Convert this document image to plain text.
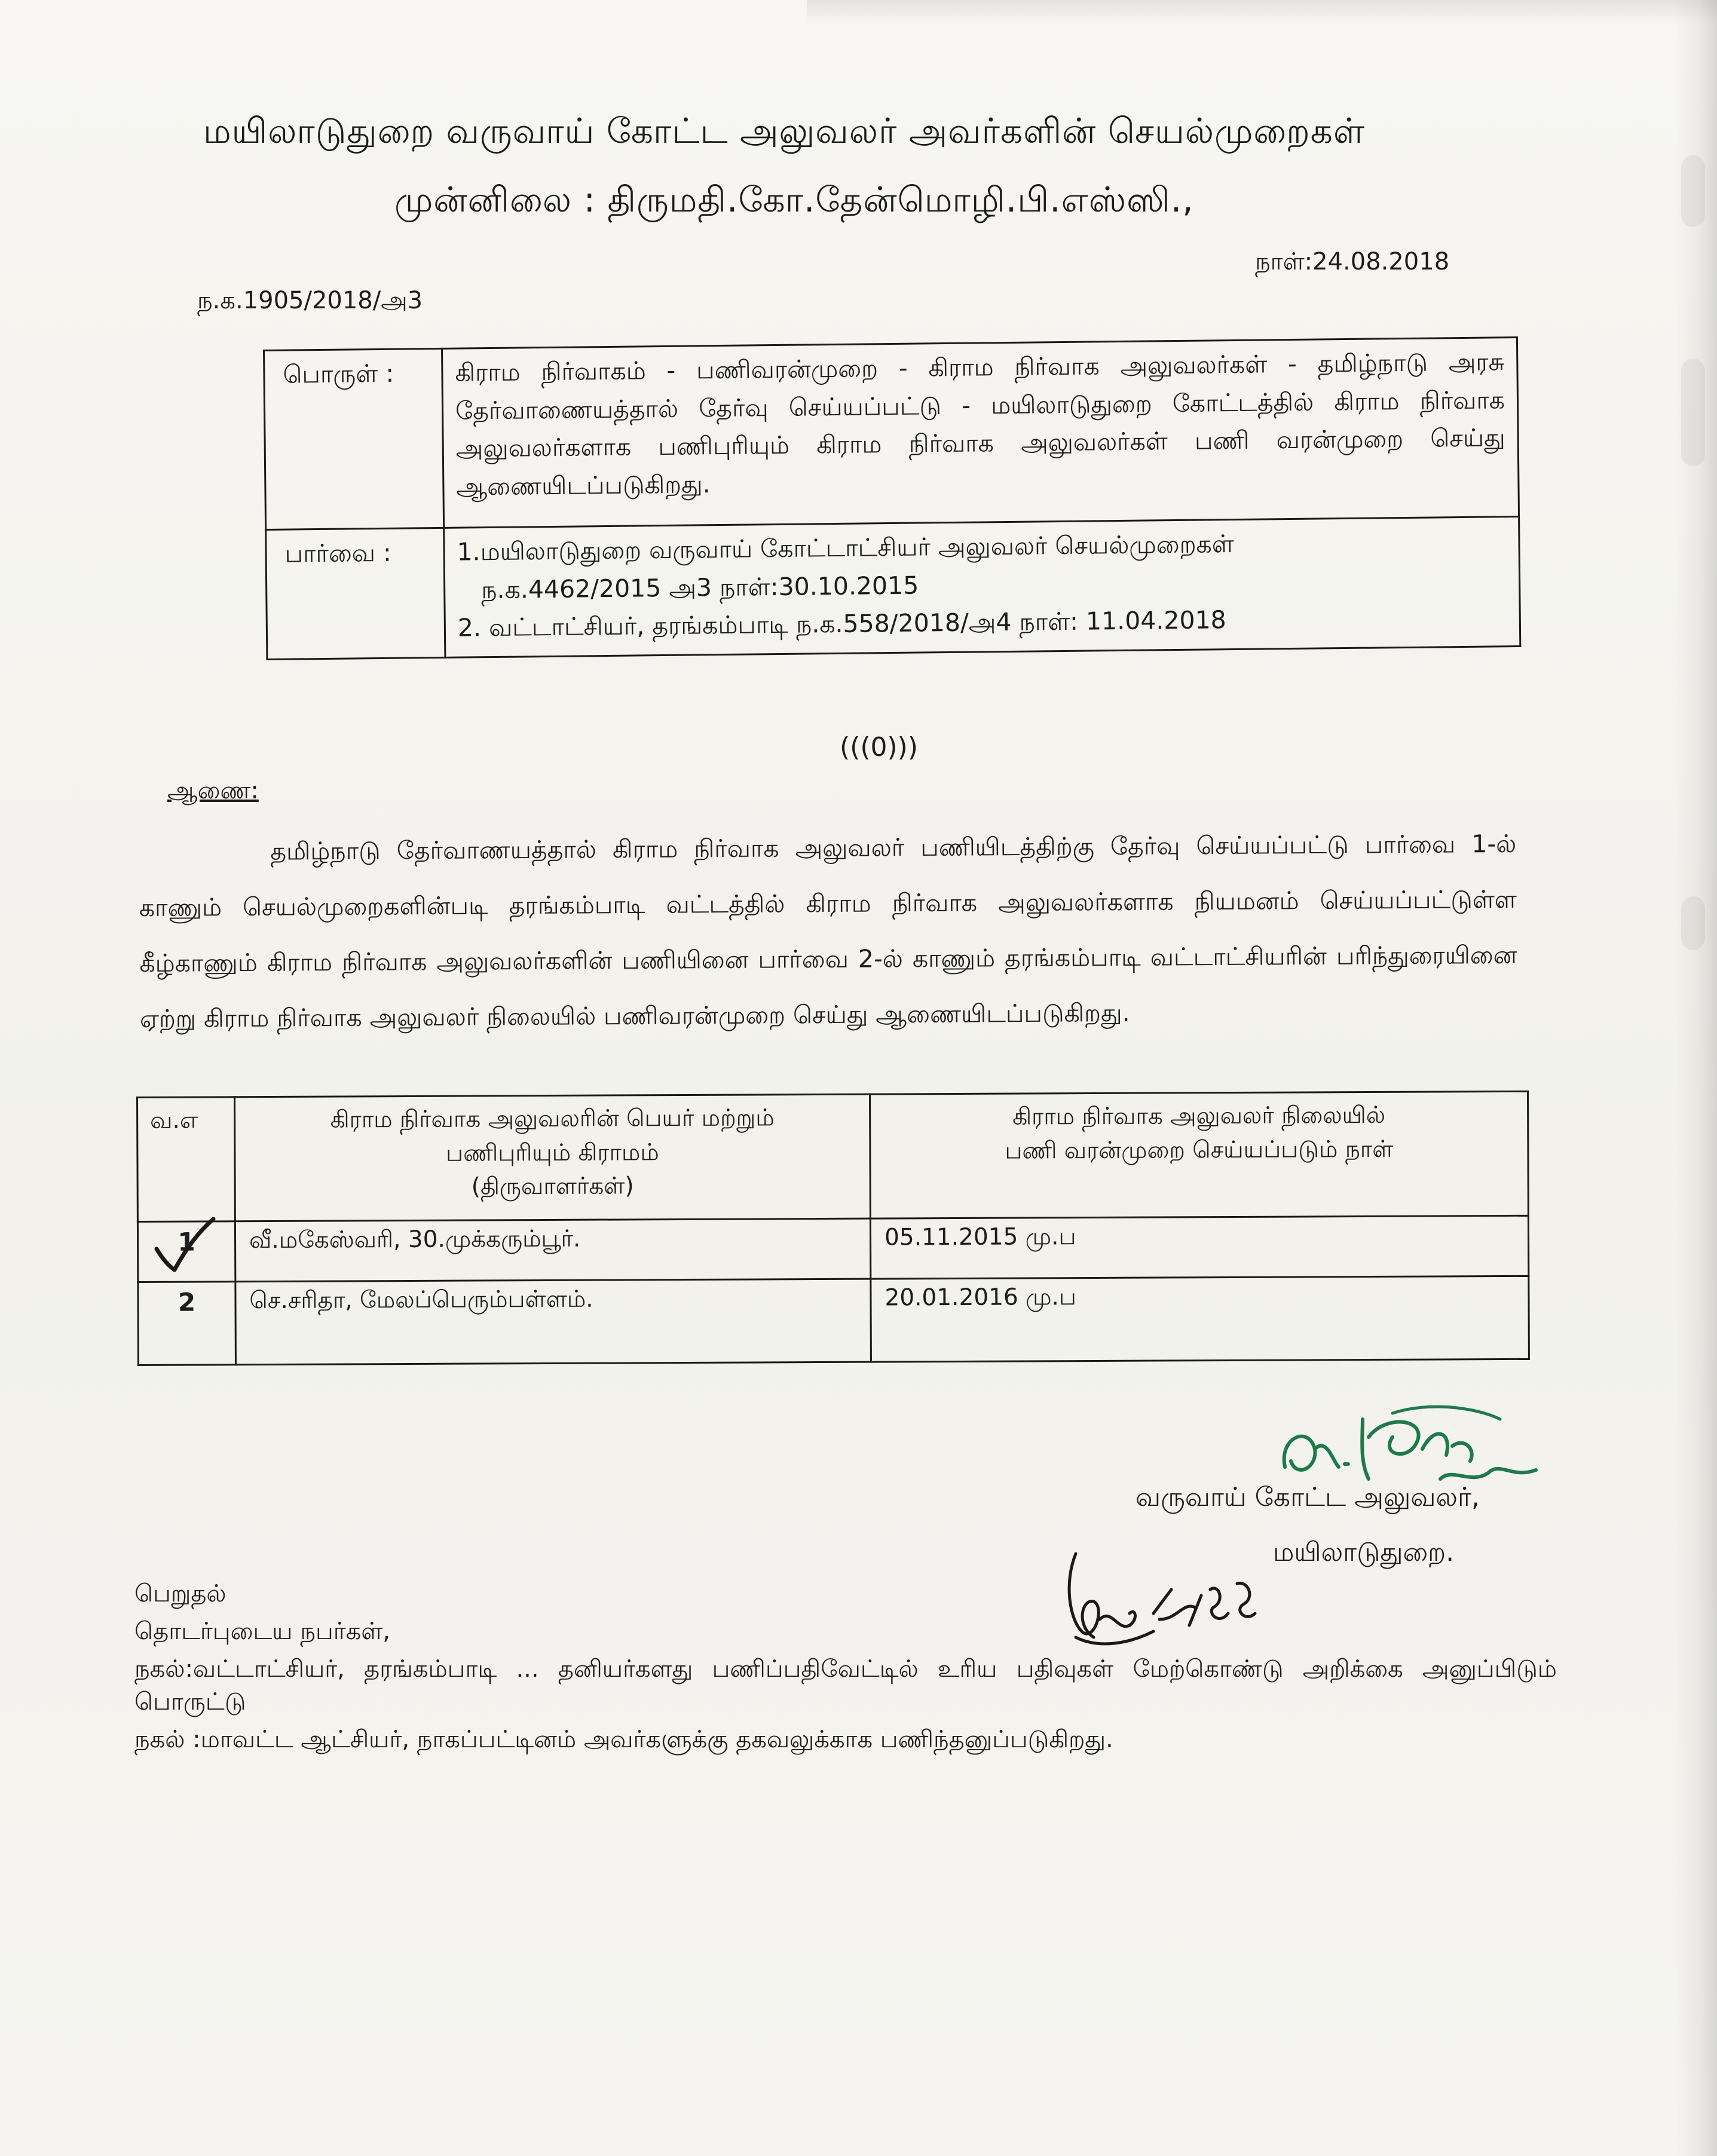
மயிலாடுதுறை வருவாய் கோட்ட அலுவலர் அவர்களின் செயல்முறைகள்
முன்னிலை : திருமதி.கோ.தேன்மொழி.பி.எஸ்ஸி.,
நாள்:24.08.2018
ந.க.1905/2018/அ3
பொருள் :	கிராம நிர்வாகம் - பணிவரன்முறை - கிராம நிர்வாக அலுவலர்கள் - தமிழ்நாடு அரசு தேர்வாணையத்தால் தேர்வு செய்யப்பட்டு - மயிலாடுதுறை கோட்டத்தில் கிராம நிர்வாக அலுவலர்களாக பணிபுரியும் கிராம நிர்வாக அலுவலர்கள் பணி வரன்முறை செய்து ஆணையிடப்படுகிறது.
பார்வை :	1.மயிலாடுதுறை வருவாய் கோட்டாட்சியர் அலுவலர் செயல்முறைகள்
ந.க.4462/2015 அ3 நாள்:30.10.2015
2. வட்டாட்சியர், தரங்கம்பாடி ந.க.558/2018/அ4 நாள்: 11.04.2018
(((0)))
ஆணை:
தமிழ்நாடு தேர்வாணயத்தால் கிராம நிர்வாக அலுவலர் பணியிடத்திற்கு தேர்வு செய்யப்பட்டு பார்வை 1-ல் காணும் செயல்முறைகளின்படி தரங்கம்பாடி வட்டத்தில் கிராம நிர்வாக அலுவலர்களாக நியமனம் செய்யப்பட்டுள்ள கீழ்காணும் கிராம நிர்வாக அலுவலர்களின் பணியினை பார்வை 2-ல் காணும் தரங்கம்பாடி வட்டாட்சியரின் பரிந்துரையினை ஏற்று கிராம நிர்வாக அலுவலர் நிலையில் பணிவரன்முறை செய்து ஆணையிடப்படுகிறது.
வ.எ	கிராம நிர்வாக அலுவலரின் பெயர் மற்றும்
பணிபுரியும் கிராமம்
(திருவாளர்கள்)	கிராம நிர்வாக அலுவலர் நிலையில்
பணி வரன்முறை செய்யப்படும் நாள்

1	வீ.மகேஸ்வரி, 30.முக்கரும்பூர்.	05.11.2015 மு.ப
2	செ.சரிதா, மேலப்பெரும்பள்ளம்.	20.01.2016 மு.ப
வருவாய் கோட்ட அலுவலர்,
மயிலாடுதுறை.
பெறுதல்
தொடர்புடைய நபர்கள்,
நகல்:வட்டாட்சியர், தரங்கம்பாடி ... தனியர்களது பணிப்பதிவேட்டில் உரிய பதிவுகள் மேற்கொண்டு அறிக்கை அனுப்பிடும் பொருட்டு
நகல் :மாவட்ட ஆட்சியர், நாகப்பட்டினம் அவர்களுக்கு தகவலுக்காக பணிந்தனுப்படுகிறது.
